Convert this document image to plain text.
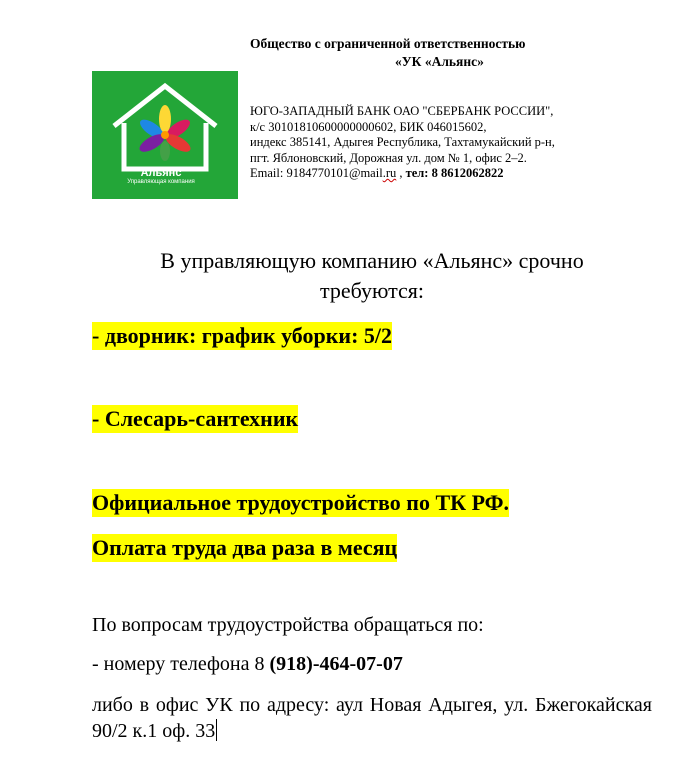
Общество с ограниченной ответственностью
«УК «Альянс»
Альянс
Управляющая компания
ЮГО-ЗАПАДНЫЙ БАНК ОАО "СБЕРБАНК РОССИИ",
к/с 30101810600000000602, БИК 046015602,
индекс 385141, Адыгея Республика, Тахтамукайский р-н,
пгт. Яблоновский, Дорожная ул. дом № 1, офис 2–2.
Email: 9184770101@mail.ru , тел: 8 8612062822
В управляющую компанию «Альянс» срочно
требуются:
- дворник: график уборки: 5/2
- Слесарь-сантехник
Официальное трудоустройство по ТК РФ.
Оплата труда два раза в месяц
По вопросам трудоустройства обращаться по:
- номеру телефона 8 (918)-464-07-07
либо в офис УК по адресу: аул Новая Адыгея, ул. Бжегокайская 90/2 к.1 оф. 33
